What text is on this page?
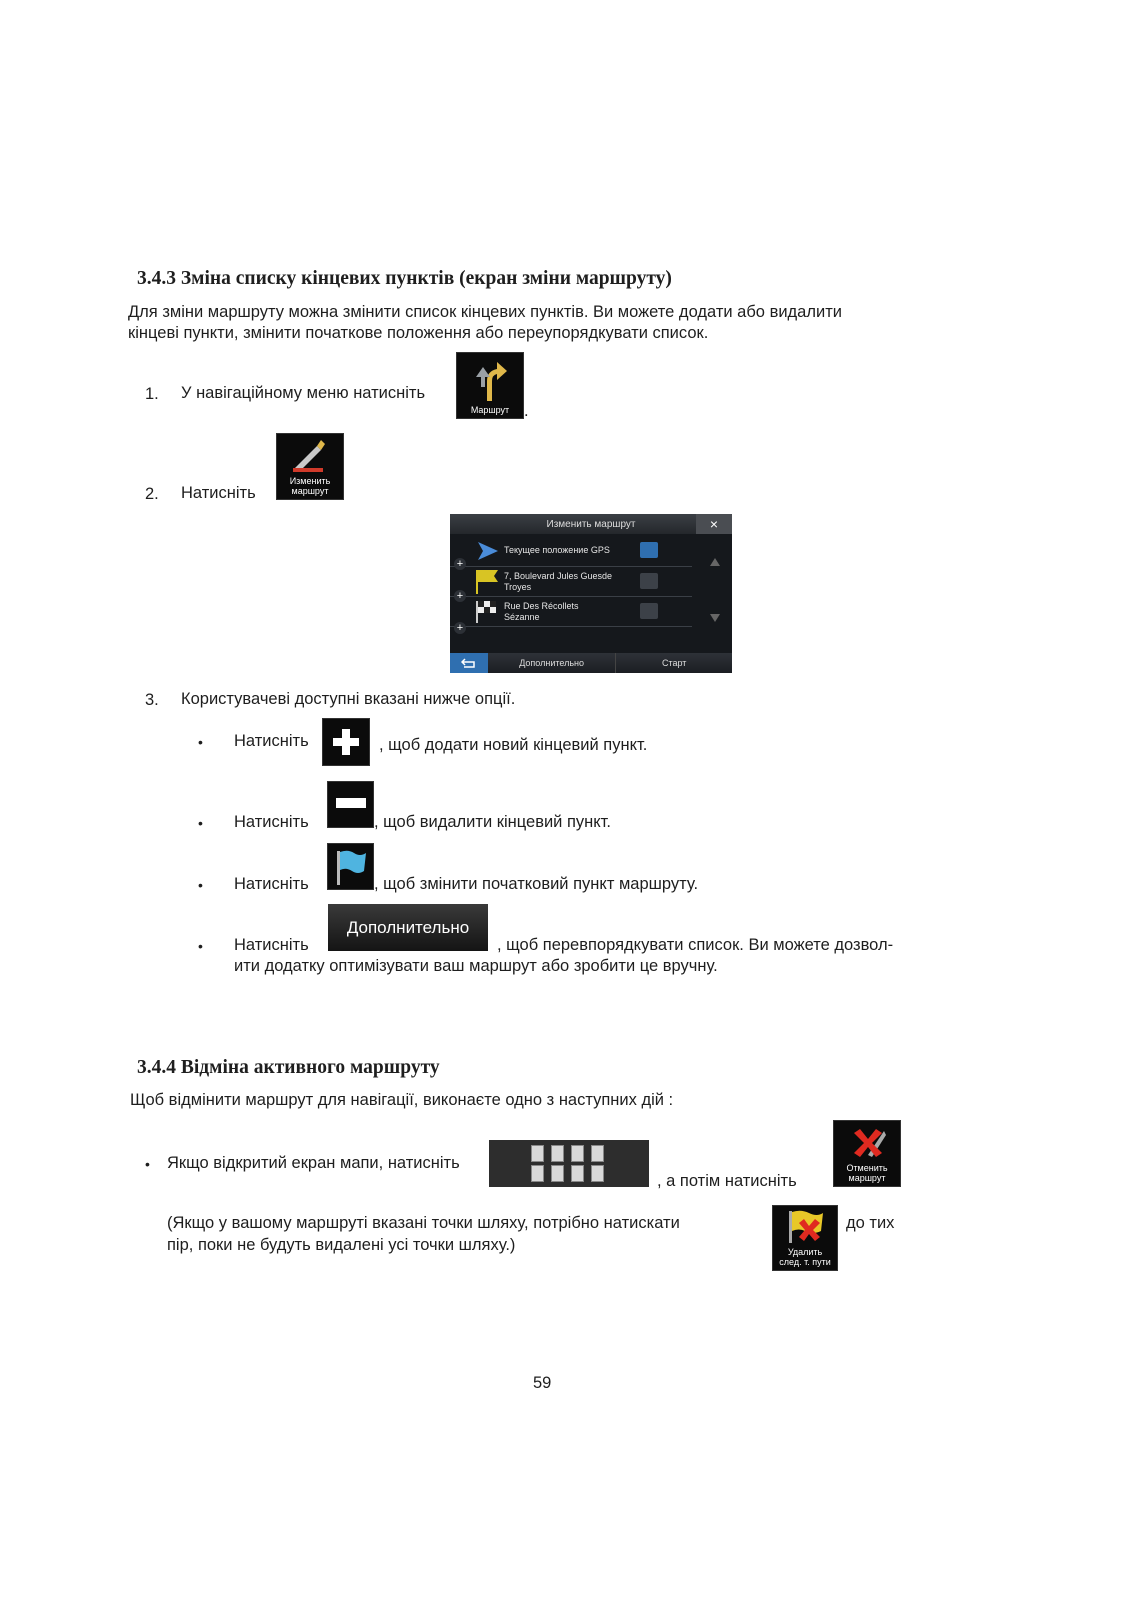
3.4.3 Зміна списку кінцевих пунктів (екран зміни маршруту)
Для зміни маршруту можна змінити список кінцевих пунктів. Ви можете додати або видалити
кінцеві пункти, змінити початкове положення або переупорядкувати список.
1. У навігаційному меню натисніть
Маршрут .
2. Натисніть
Изменить маршрут
Изменить маршрут	×
Текущее положение GPS
7, Boulevard Jules Guesde
Troyes
Rue Des Récollets
Sézanne
+
+
+
Дополнительно	Старт
3. Користувачеві доступні вказані нижче опції.
• Натисніть	, щоб додати новий кінцевий пункт.
• Натисніть	, щоб видалити кінцевий пункт.
• Натисніть	, щоб змінити початковий пункт маршруту.
• Натисніть
Дополнительно
, щоб перевпорядкувати список. Ви можете дозвол-
ити додатку оптимізувати ваш маршрут або зробити це вручну.
3.4.4 Відміна активного маршруту
Щоб відмінити маршрут для навігації, виконаєте одно з наступних дій :
• Якщо відкритий екран мапи, натисніть
, а потім натисніть
Отменить маршрут
(Якщо у вашому маршруті вказані точки шляху, потрібно натискати
Удалить след. т. пути
до тих
пір, поки не будуть видалені усі точки шляху.)
59
